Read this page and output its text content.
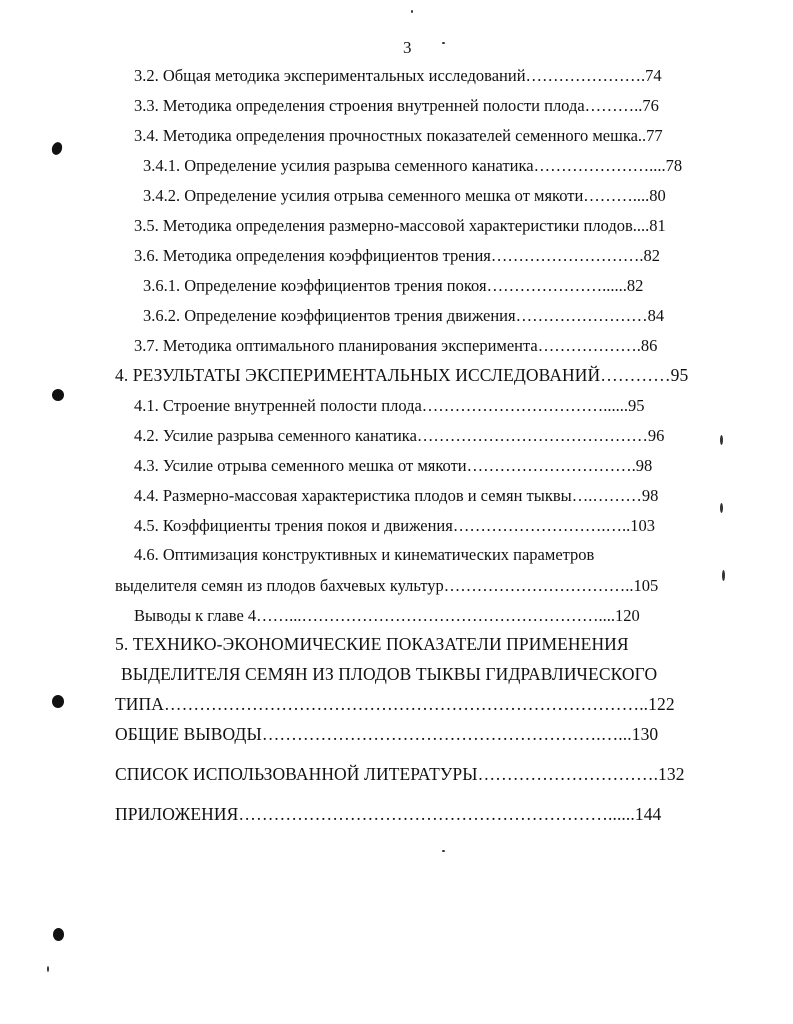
3
3.2. Общая методика экспериментальных исследований………………….74
3.3. Методика определения строения внутренней полости плода………..76
3.4. Методика определения прочностных показателей семенного мешка..77
3.4.1. Определение усилия разрыва семенного канатика…………………....78
3.4.2. Определение усилия отрыва семенного мешка от мякоти………....80
3.5. Методика определения размерно-массовой характеристики плодов....81
3.6. Методика определения коэффициентов трения……………………….82
3.6.1. Определение коэффициентов трения покоя…………………......82
3.6.2. Определение коэффициентов трения движения……………………84
3.7. Методика оптимального планирования эксперимента……………….86
4. РЕЗУЛЬТАТЫ ЭКСПЕРИМЕНТАЛЬНЫХ ИССЛЕДОВАНИЙ…………95
4.1. Строение внутренней полости плода……………………………......95
4.2. Усилие разрыва семенного канатика……………………………………96
4.3. Усилие отрыва семенного мешка от мякоти………………………….98
4.4. Размерно-массовая характеристика плодов и семян тыквы….………98
4.5. Коэффициенты трения покоя и движения……………………….…..103
4.6. Оптимизация конструктивных и кинематических параметров
выделителя семян из плодов бахчевых культур……………………………..105
Выводы к главе 4……...………………………………………………....120
5. ТЕХНИКО-ЭКОНОМИЧЕСКИЕ ПОКАЗАТЕЛИ ПРИМЕНЕНИЯ
ВЫДЕЛИТЕЛЯ СЕМЯН ИЗ ПЛОДОВ ТЫКВЫ ГИДРАВЛИЧЕСКОГО
ТИПА………………………………………………………………………..122
ОБЩИЕ ВЫВОДЫ………………………………………………….…...130
СПИСОК ИСПОЛЬЗОВАННОЙ ЛИТЕРАТУРЫ………………………….132
ПРИЛОЖЕНИЯ………………………………………………………......144
